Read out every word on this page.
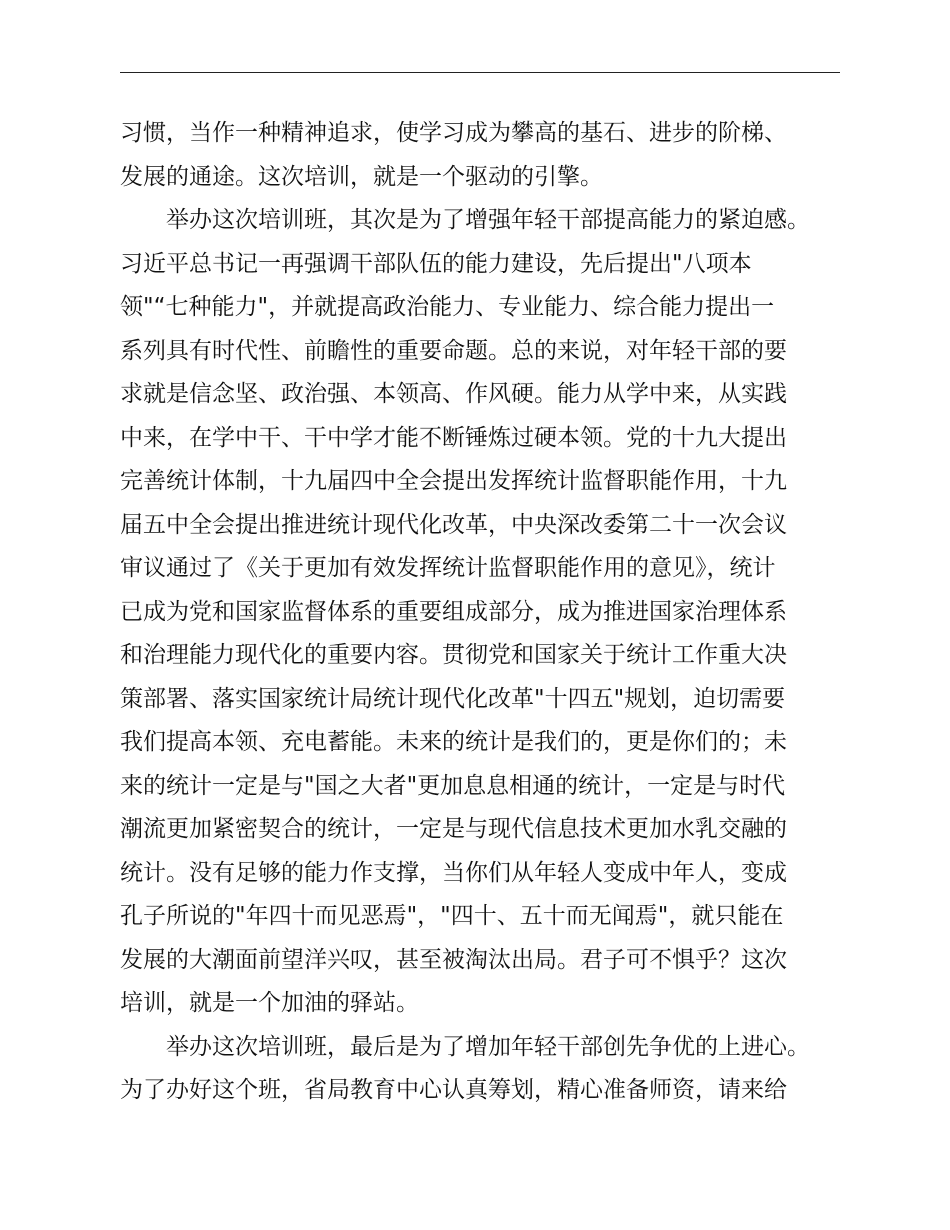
习惯，当作一种精神追求，使学习成为攀高的基石、进步的阶梯、
发展的通途。这次培训，就是一个驱动的引擎。
举办这次培训班，其次是为了增强年轻干部提高能力的紧迫感。
习近平总书记一再强调干部队伍的能力建设，先后提出"八项本
领"“七种能力"，并就提高政治能力、专业能力、综合能力提出一
系列具有时代性、前瞻性的重要命题。总的来说，对年轻干部的要
求就是信念坚、政治强、本领高、作风硬。能力从学中来，从实践
中来，在学中干、干中学才能不断锤炼过硬本领。党的十九大提出
完善统计体制，十九届四中全会提出发挥统计监督职能作用，十九
届五中全会提出推进统计现代化改革，中央深改委第二十一次会议
审议通过了《关于更加有效发挥统计监督职能作用的意见》，统计
已成为党和国家监督体系的重要组成部分，成为推进国家治理体系
和治理能力现代化的重要内容。贯彻党和国家关于统计工作重大决
策部署、落实国家统计局统计现代化改革"十四五"规划，迫切需要
我们提高本领、充电蓄能。未来的统计是我们的，更是你们的；未
来的统计一定是与"国之大者"更加息息相通的统计，一定是与时代
潮流更加紧密契合的统计，一定是与现代信息技术更加水乳交融的
统计。没有足够的能力作支撑，当你们从年轻人变成中年人，变成
孔子所说的"年四十而见恶焉"，"四十、五十而无闻焉"，就只能在
发展的大潮面前望洋兴叹，甚至被淘汰出局。君子可不惧乎？这次
培训，就是一个加油的驿站。
举办这次培训班，最后是为了增加年轻干部创先争优的上进心。
为了办好这个班，省局教育中心认真筹划，精心准备师资，请来给
